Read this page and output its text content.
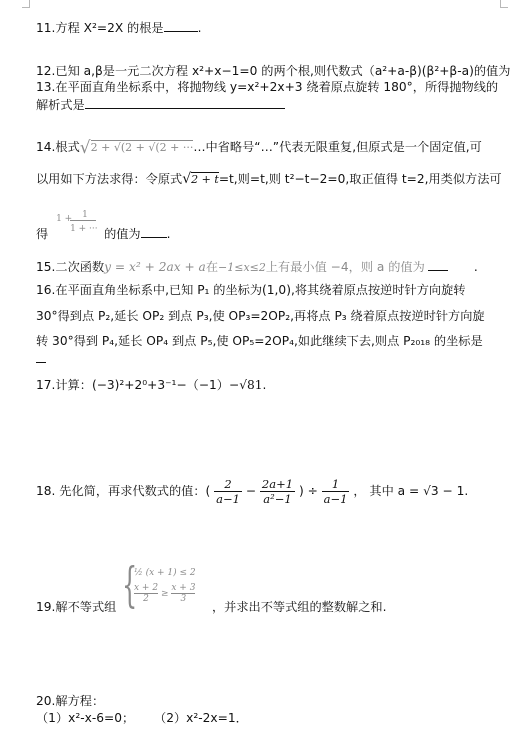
11.方程 X²=2X 的根是	.
12.已知 a,β是一元二次方程 x²+x−1=0 的两个根,则代数式（a²+a-β)(β²+β-a)的值为
13.在平面直角坐标系中，将抛物线 y=x²+2x+3 绕着原点旋转 180°，所得抛物线的
解析式是
14.根式√2 + √(2 + √(2 + ···…中省略号“…”代表无限重复,但原式是一个固定值,可
以用如下方法求得：令原式√2 + t=t,则=t,则 t²−t−2=0,取正值得 t=2,用类似方法可
得
1 + 1
1 + ··· 的值为 .
15.二次函数y = x² + 2ax + a在−1≤x≤2上有最小值 −4，则 a 的值为	.
16.在平面直角坐标系中,已知 P₁ 的坐标为(1,0),将其绕着原点按逆时针方向旋转
30°得到点 P₂,延长 OP₂ 到点 P₃,使 OP₃=2OP₂,再将点 P₃ 绕着原点按逆时针方向旋
转 30°得到 P₄,延长 OP₄ 到点 P₅,使 OP₅=2OP₄,如此继续下去,则点 P₂₀₁₈ 的坐标是
17.计算：(−3)²+2⁰+3⁻¹−（−1）−√81.
18. 先化简，再求代数式的值：( $\frac{2}{a-1} - \frac{2a+1}{\text{a²−1}}$ ) ÷ $\frac{1}{a-1}$ ， 其中 a = √3 − 1.
19.解不等式组 {
½ (x + 1) ≤ 2
$\frac{x + 2}{2} \ge \frac{x + 3}{3}$
，并求出不等式组的整数解之和.
20.解方程：
（1）x²-x-6=0； （2）x²-2x=1．
